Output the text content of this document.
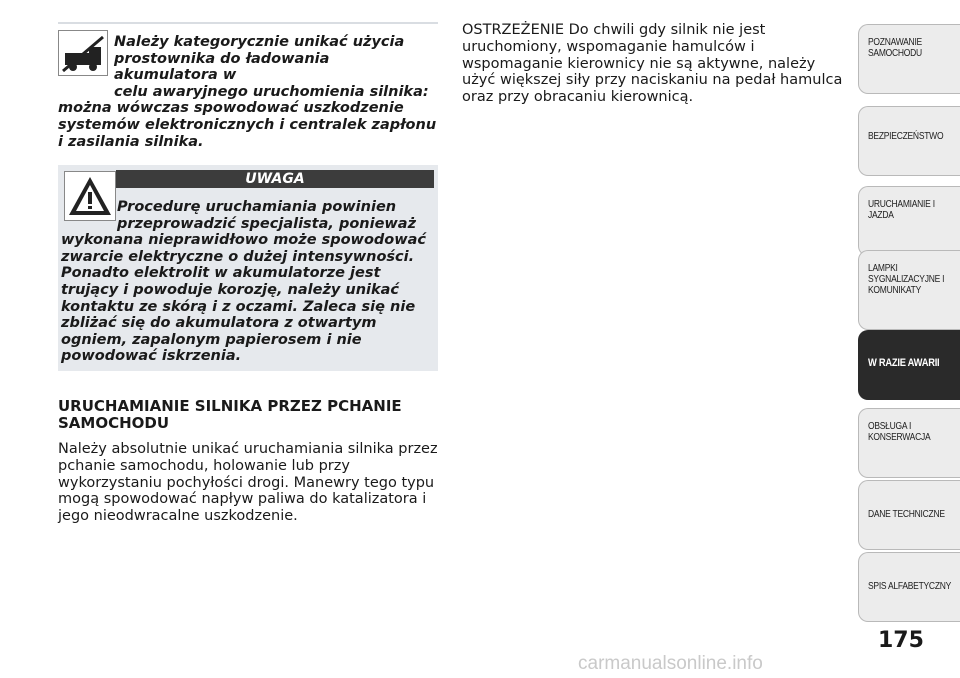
Należy kategorycznie unikać użycia
prostownika do ładowania akumulatora w
celu awaryjnego uruchomienia silnika:
można wówczas spowodować uszkodzenie systemów elektronicznych i centralek zapłonu i zasilania silnika.
UWAGA
Procedurę uruchamiania powinien
przeprowadzić specjalista, ponieważ
wykonana nieprawidłowo może spowodować zwarcie elektryczne o dużej intensywności. Ponadto elektrolit w akumulatorze jest trujący i powoduje korozję, należy unikać kontaktu ze skórą i z oczami. Zaleca się nie zbliżać się do akumulatora z otwartym ogniem, zapalonym papierosem i nie powodować iskrzenia.
URUCHAMIANIE SILNIKA PRZEZ PCHANIE SAMOCHODU
Należy absolutnie unikać uruchamiania silnika przez pchanie samochodu, holowanie lub przy wykorzystaniu pochyłości drogi. Manewry tego typu mogą spowodować napływ paliwa do katalizatora i jego nieodwracalne uszkodzenie.
OSTRZEŻENIE Do chwili gdy silnik nie jest uruchomiony, wspomaganie hamulców i wspomaganie kierownicy nie są aktywne, należy użyć większej siły przy naciskaniu na pedał hamulca oraz przy obracaniu kierownicą.
POZNAWANIE SAMOCHODU
BEZPIECZEŃSTWO
URUCHAMIANIE I JAZDA
LAMPKI SYGNALIZACYJNE I KOMUNIKATY
W RAZIE AWARII
OBSŁUGA I KONSERWACJA
DANE TECHNICZNE
SPIS ALFABETYCZNY
175
carmanualsonline.info
